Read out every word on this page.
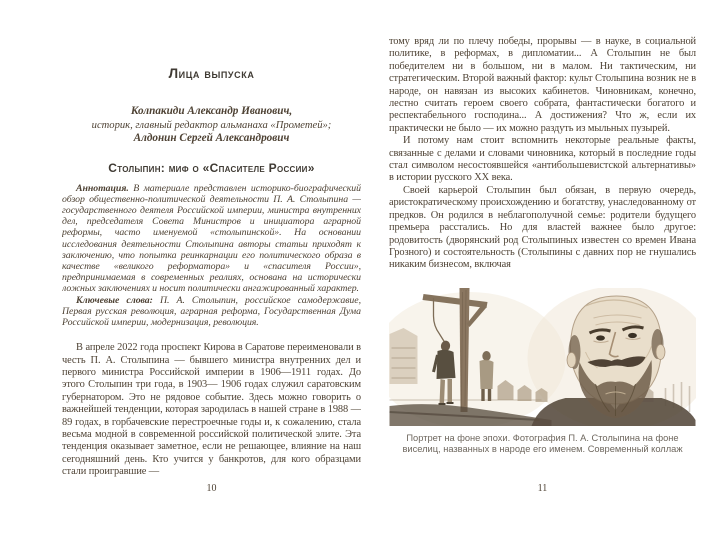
Лица выпуска
Колпакиди Александр Иванович,
историк, главный редактор альманаха «Прометей»;
Алдонин Сергей Александрович
Столыпин: миф о «Спасителе России»

Аннотация. В материале представлен историко-биографический обзор общественно-политической деятельности П. А. Столыпина — государственного деятеля Российской империи, министра внутренних дел, председателя Совета Министров и инициатора аграрной реформы, часто именуемой «столыпинской». На основании исследования деятельности Столыпина авторы статьи приходят к заключению, что попытка реинкарнации его политического образа в качестве «великого реформатора» и «спасителя России», предпринимаемая в современных реалиях, основана на исторически ложных заключениях и носит политически ангажированный характер.

Ключевые слова: П. А. Столыпин, российское самодержавие, Первая русская революция, аграрная реформа, Государственная Дума Российской империи, модернизация, революция.

В апреле 2022 года проспект Кирова в Саратове переименовали в честь П. А. Столыпина — бывшего министра внутренних дел и первого министра Российской империи в 1906—1911 годах. До этого Столыпин три года, в 1903— 1906 годах служил саратовским губернатором. Это не рядовое событие. Здесь можно говорить о важнейшей тенденции, которая зародилась в нашей стране в 1988 — 89 годах, в горбачевские перестроечные годы и, к сожалению, стала весьма модной в современной российской политической элите. Эта тенденция оказывает заметное, если не решающее, влияние на наш сегодняшний день. Кто учится у банкротов, для кого образцами стали проигравшие —

10

тому вряд ли по плечу победы, прорывы — в науке, в социальной политике, в реформах, в дипломатии... А Столыпин не был победителем ни в большом, ни в малом. Ни тактическим, ни стратегическим. Второй важный фактор: культ Столыпина возник не в народе, он навязан из высоких кабинетов. Чиновникам, конечно, лестно считать героем своего собрата, фантастически богатого и респектабельного господина... А достижения? Что ж, если их практически не было — их можно раздуть из мыльных пузырей.

И потому нам стоит вспомнить некоторые реальные факты, связанные с делами и словами чиновника, который в последние годы стал символом несостоявшейся «антибольшевистской альтернативы» в истории русского XX века.

Своей карьерой Столыпин был обязан, в первую очередь, аристократическому происхождению и богатству, унаследованному от предков. Он родился в неблагополучной семье: родители будущего премьера расстались. Но для властей важнее было другое: родовитость (дворянский род Столыпиных известен со времен Ивана Грозного) и состоятельность (Столыпины с давних пор не гнушались никаким бизнесом, включая

Портрет на фоне эпохи. Фотография П. А. Столыпина на фоне виселиц, названных в народе его именем. Современный коллаж
11
